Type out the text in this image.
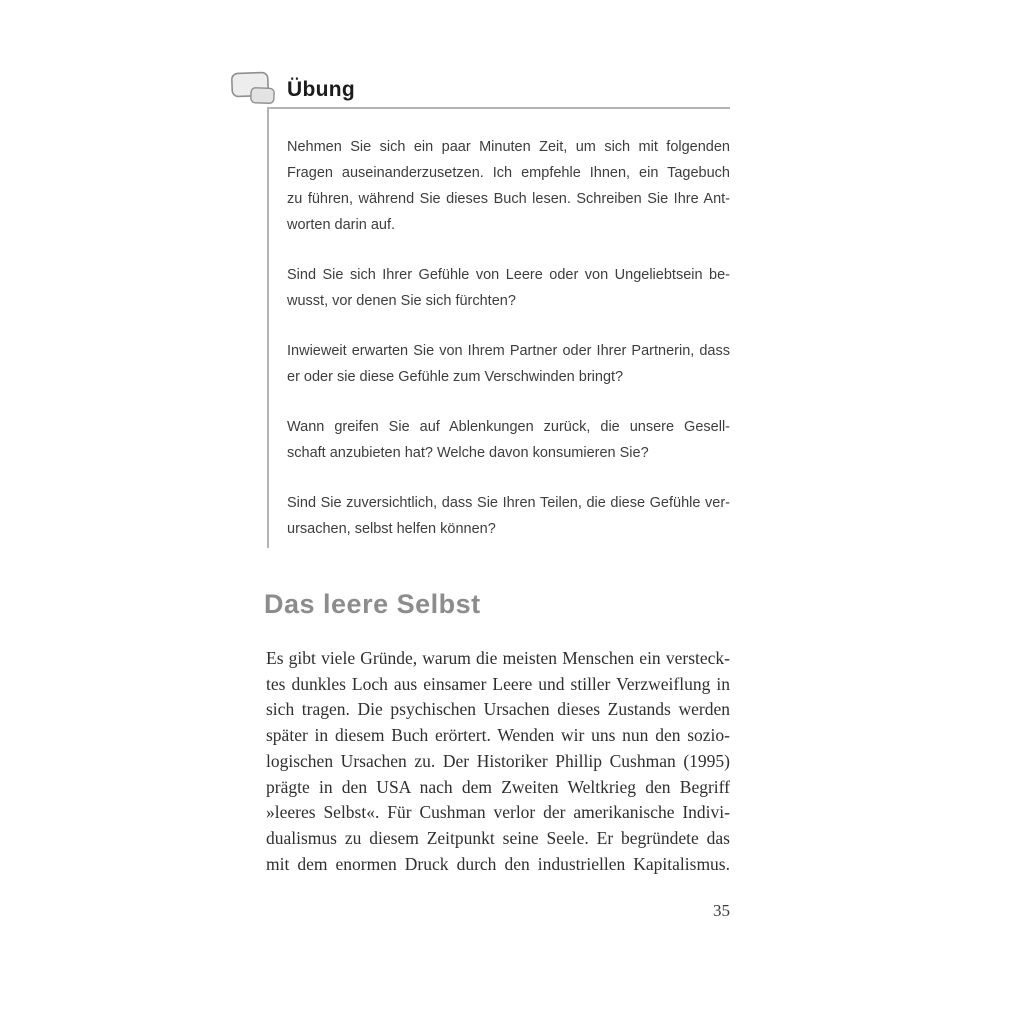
Übung
Nehmen Sie sich ein paar Minuten Zeit, um sich mit folgenden
Fragen auseinanderzusetzen. Ich empfehle Ihnen, ein Tagebuch
zu führen, während Sie dieses Buch lesen. Schreiben Sie Ihre Ant-
worten darin auf.
Sind Sie sich Ihrer Gefühle von Leere oder von Ungeliebtsein be-
wusst, vor denen Sie sich fürchten?
Inwieweit erwarten Sie von Ihrem Partner oder Ihrer Partnerin, dass
er oder sie diese Gefühle zum Verschwinden bringt?
Wann greifen Sie auf Ablenkungen zurück, die unsere Gesell-
schaft anzubieten hat? Welche davon konsumieren Sie?
Sind Sie zuversichtlich, dass Sie Ihren Teilen, die diese Gefühle ver-
ursachen, selbst helfen können?
Das leere Selbst
Es gibt viele Gründe, warum die meisten Menschen ein versteck-
tes dunkles Loch aus einsamer Leere und stiller Verzweiflung in
sich tragen. Die psychischen Ursachen dieses Zustands werden
später in diesem Buch erörtert. Wenden wir uns nun den sozio-
logischen Ursachen zu. Der Historiker Phillip Cushman (1995)
prägte in den USA nach dem Zweiten Weltkrieg den Begriff
»leeres Selbst«. Für Cushman verlor der amerikanische Indivi-
dualismus zu diesem Zeitpunkt seine Seele. Er begründete das
mit dem enormen Druck durch den industriellen Kapitalismus.
35
